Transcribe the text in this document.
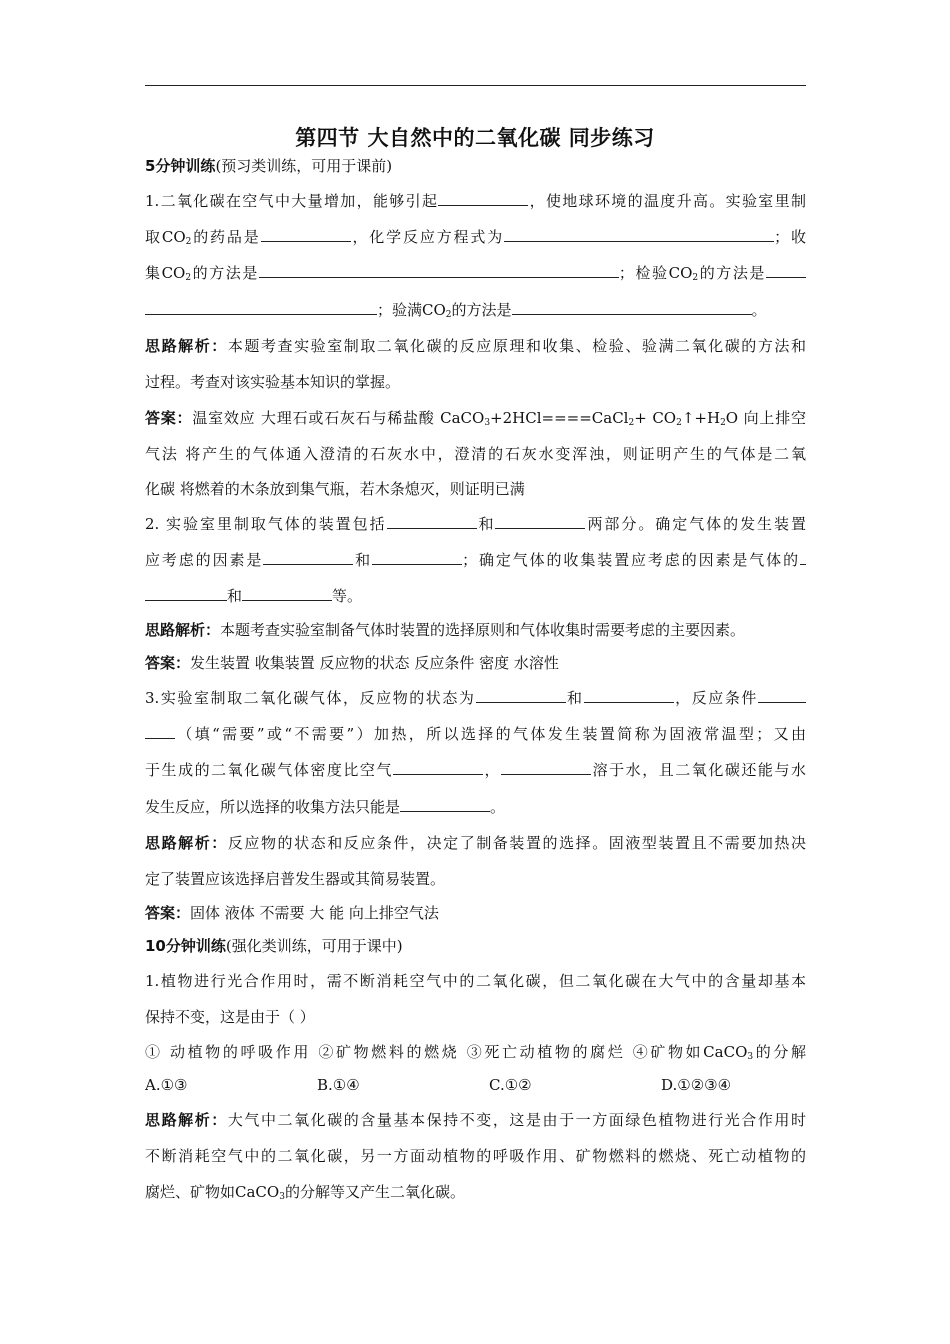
第四节 大自然中的二氧化碳 同步练习
5分钟训练(预习类训练，可用于课前)
1.二氧化碳在空气中大量增加，能够引起	，使地球环境的温度升高。实验室里制
取$CO_2$的药品是	，化学反应方程式为	；收
集$CO_2$的方法是	；检验$CO_2$的方法是
；验满$CO_2$的方法是	。
思路解析：本题考查实验室制取二氧化碳的反应原理和收集、检验、验满二氧化碳的方法和
过程。考查对该实验基本知识的掌握。
答案：温室效应 大理石或石灰石与稀盐酸 CaCO$_3$+2HCl====CaCl$_2$+ $CO_2↑+H_2O$ 向上排空
气法 将产生的气体通入澄清的石灰水中，澄清的石灰水变浑浊，则证明产生的气体是二氧
化碳 将燃着的木条放到集气瓶，若木条熄灭，则证明已满
2. 实验室里制取气体的装置包括	和	两部分。确定气体的发生装置
应考虑的因素是	和	；确定气体的收集装置应考虑的因素是气体的
和	等。
思路解析：本题考查实验室制备气体时装置的选择原则和气体收集时需要考虑的主要因素。
答案：发生装置 收集装置 反应物的状态 反应条件 密度 水溶性
3.实验室制取二氧化碳气体，反应物的状态为	和	，反应条件
（填“需要”或“不需要”）加热，所以选择的气体发生装置简称为固液常温型；又由
于生成的二氧化碳气体密度比空气	，	溶于水，且二氧化碳还能与水
发生反应，所以选择的收集方法只能是	。
思路解析：反应物的状态和反应条件，决定了制备装置的选择。固液型装置且不需要加热决
定了装置应该选择启普发生器或其简易装置。
答案：固体 液体 不需要 大 能 向上排空气法
10分钟训练(强化类训练，可用于课中)
1.植物进行光合作用时，需不断消耗空气中的二氧化碳，但二氧化碳在大气中的含量却基本
保持不变，这是由于（ ）
① 动植物的呼吸作用 ②矿物燃料的燃烧 ③死亡动植物的腐烂 ④矿物如CaCO$_3$的分解
A.①③	B.①④	C.①②	D.①②③④
思路解析：大气中二氧化碳的含量基本保持不变，这是由于一方面绿色植物进行光合作用时
不断消耗空气中的二氧化碳，另一方面动植物的呼吸作用、矿物燃料的燃烧、死亡动植物的
腐烂、矿物如CaCO$_3$的分解等又产生二氧化碳。
